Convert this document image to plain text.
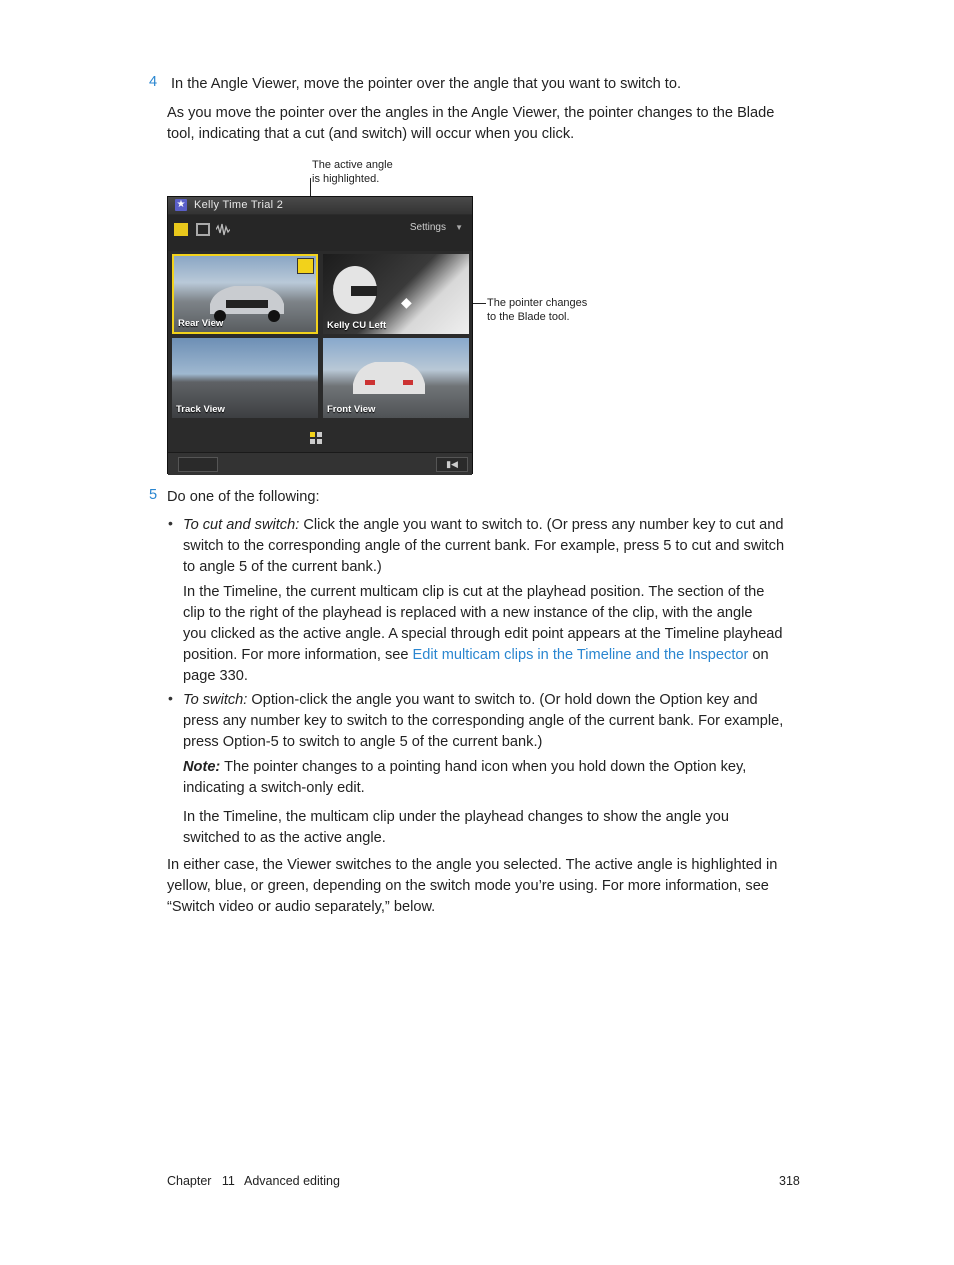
4 In the Angle Viewer, move the pointer over the angle that you want to switch to.
As you move the pointer over the angles in the Angle Viewer, the pointer changes to the Blade tool, indicating that a cut (and switch) will occur when you click.
The active angle
is highlighted.
The pointer changes
to the Blade tool.
★ Kelly Time Trial 2
Settings ▼
Rear View
◆
Kelly CU Left
Track View	Front View
▮◀
5 Do one of the following:
• To cut and switch: Click the angle you want to switch to. (Or press any number key to cut and
switch to the corresponding angle of the current bank. For example, press 5 to cut and switch
to angle 5 of the current bank.)
In the Timeline, the current multicam clip is cut at the playhead position. The section of the
clip to the right of the playhead is replaced with a new instance of the clip, with the angle
you clicked as the active angle. A special through edit point appears at the Timeline playhead
position. For more information, see Edit multicam clips in the Timeline and the Inspector on
page 330.
• To switch: Option-click the angle you want to switch to. (Or hold down the Option key and
press any number key to switch to the corresponding angle of the current bank. For example,
press Option-5 to switch to angle 5 of the current bank.)
Note: The pointer changes to a pointing hand icon when you hold down the Option key,
indicating a switch-only edit.
In the Timeline, the multicam clip under the playhead changes to show the angle you
switched to as the active angle.
In either case, the Viewer switches to the angle you selected. The active angle is highlighted in
yellow, blue, or green, depending on the switch mode you’re using. For more information, see
“Switch video or audio separately,” below.
Chapter   11 Advanced editing	318
